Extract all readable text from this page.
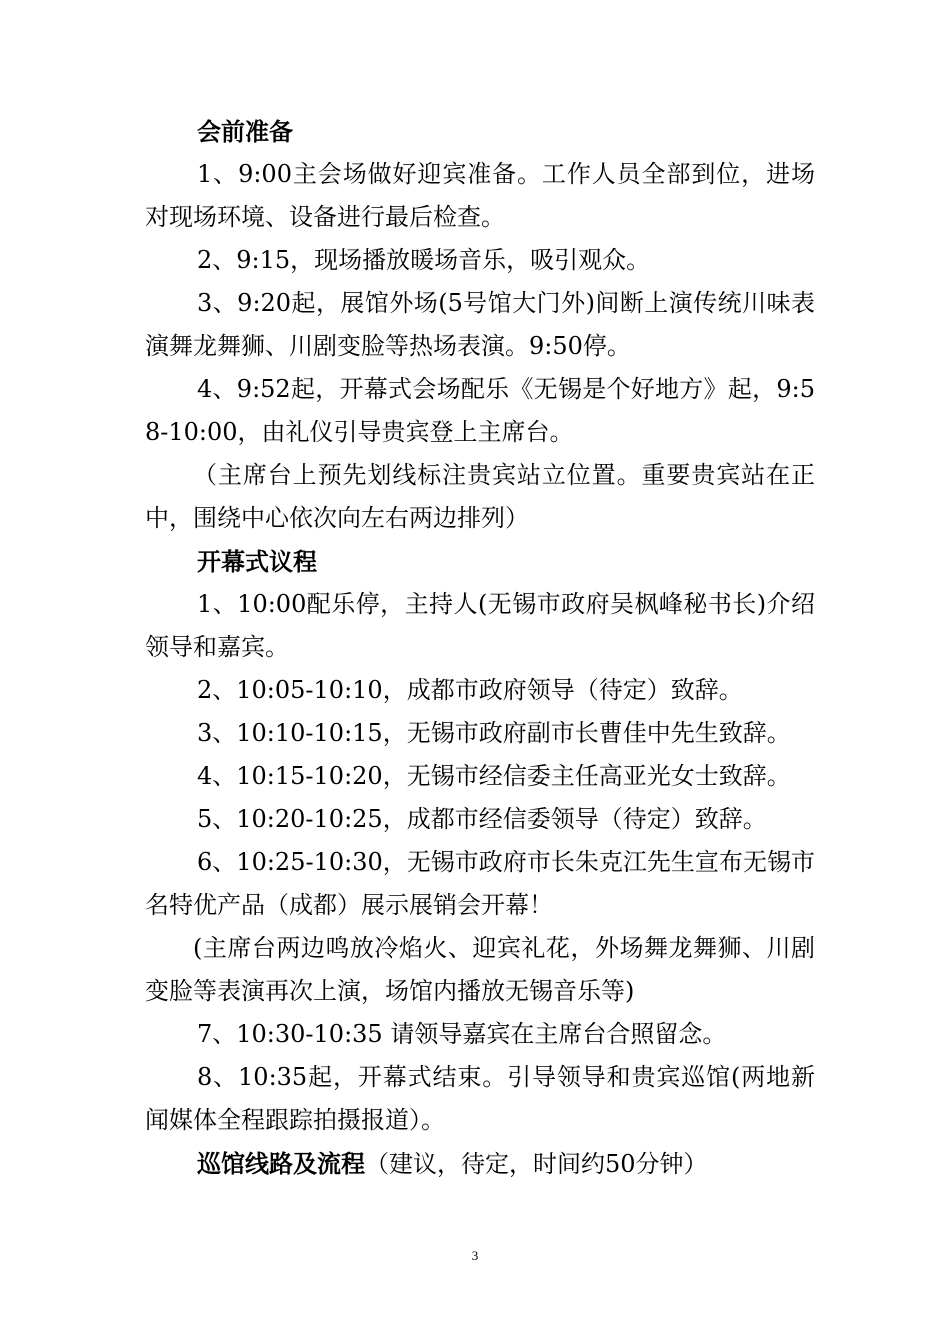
会前准备

1、9:00主会场做好迎宾准备。工作人员全部到位，进场对现场环境、设备进行最后检查。

2、9:15，现场播放暖场音乐，吸引观众。

3、9:20起，展馆外场(5号馆大门外)间断上演传统川味表演舞龙舞狮、川剧变脸等热场表演。9:50停。

4、9:52起，开幕式会场配乐《无锡是个好地方》起，9:58-10:00，由礼仪引导贵宾登上主席台。

（主席台上预先划线标注贵宾站立位置。重要贵宾站在正中，围绕中心依次向左右两边排列）

开幕式议程

1、10:00配乐停，主持人(无锡市政府吴枫峰秘书长)介绍领导和嘉宾。

2、10:05-10:10，成都市政府领导（待定）致辞。

3、10:10-10:15，无锡市政府副市长曹佳中先生致辞。

4、10:15-10:20，无锡市经信委主任高亚光女士致辞。

5、10:20-10:25，成都市经信委领导（待定）致辞。

6、10:25-10:30，无锡市政府市长朱克江先生宣布无锡市名特优产品（成都）展示展销会开幕！

(主席台两边鸣放冷焰火、迎宾礼花，外场舞龙舞狮、川剧变脸等表演再次上演，场馆内播放无锡音乐等)

7、10:30-10:35 请领导嘉宾在主席台合照留念。

8、10:35起，开幕式结束。引导领导和贵宾巡馆(两地新闻媒体全程跟踪拍摄报道）。

巡馆线路及流程（建议，待定，时间约50分钟）

3
